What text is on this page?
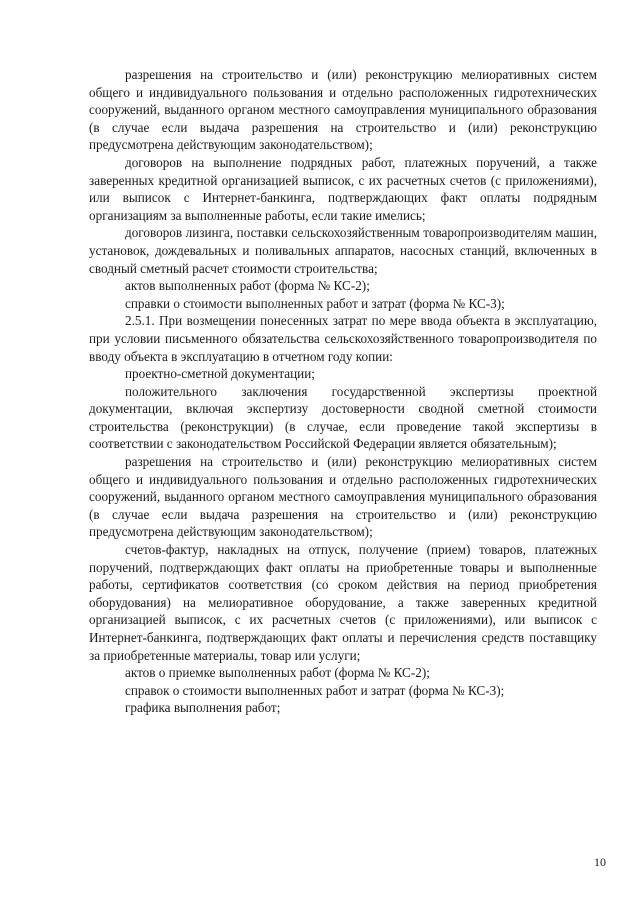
разрешения на строительство и (или) реконструкцию мелиоративных систем общего и индивидуального пользования и отдельно расположенных гидротехнических сооружений, выданного органом местного самоуправления муниципального образования (в случае если выдача разрешения на строительство и (или) реконструкцию предусмотрена действующим законодательством);

договоров на выполнение подрядных работ, платежных поручений, а также заверенных кредитной организацией выписок, с их расчетных счетов (с приложениями), или выписок с Интернет-банкинга, подтверждающих факт оплаты подрядным организациям за выполненные работы, если такие имелись;

договоров лизинга, поставки сельскохозяйственным товаропроизводителям машин, установок, дождевальных и поливальных аппаратов, насосных станций, включенных в сводный сметный расчет стоимости строительства;

актов выполненных работ (форма № КС-2);

справки о стоимости выполненных работ и затрат (форма № КС-3);

2.5.1. При возмещении понесенных затрат по мере ввода объекта в эксплуатацию, при условии письменного обязательства сельскохозяйственного товаропроизводителя по вводу объекта в эксплуатацию в отчетном году копии:

проектно-сметной документации;

положительного заключения государственной экспертизы проектной документации, включая экспертизу достоверности сводной сметной стоимости строительства (реконструкции) (в случае, если проведение такой экспертизы в соответствии с законодательством Российской Федерации является обязательным);

разрешения на строительство и (или) реконструкцию мелиоративных систем общего и индивидуального пользования и отдельно расположенных гидротехнических сооружений, выданного органом местного самоуправления муниципального образования (в случае если выдача разрешения на строительство и (или) реконструкцию предусмотрена действующим законодательством);

счетов-фактур, накладных на отпуск, получение (прием) товаров, платежных поручений, подтверждающих факт оплаты на приобретенные товары и выполненные работы, сертификатов соответствия (со сроком действия на период приобретения оборудования) на мелиоративное оборудование, а также заверенных кредитной организацией выписок, с их расчетных счетов (с приложениями), или выписок с Интернет-банкинга, подтверждающих факт оплаты и перечисления средств поставщику за приобретенные материалы, товар или услуги;

актов о приемке выполненных работ (форма № КС-2);

справок о стоимости выполненных работ и затрат (форма № КС-3);

графика выполнения работ;

10
